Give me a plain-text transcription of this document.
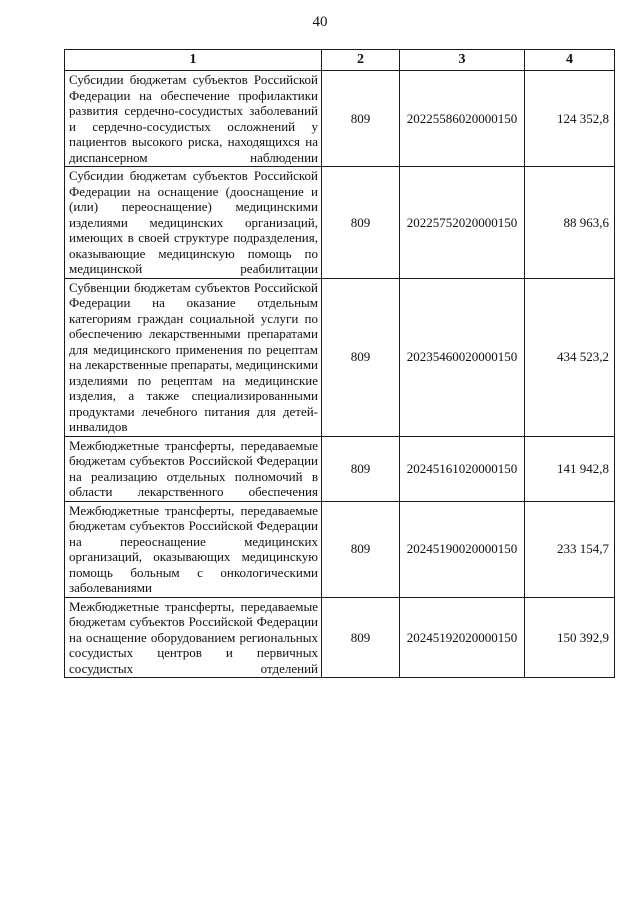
40
1	2	3	4
Субсидии бюджетам субъектов Российской Федерации на обеспечение профилактики развития сердечно-сосудистых заболеваний и сердечно-сосудистых осложнений у пациентов высокого риска, находящихся на диспансерном наблюдении	809	20225586020000150	124 352,8
Субсидии бюджетам субъектов Российской Федерации на оснащение (дооснащение и (или) переоснащение) медицинскими изделиями медицинских организаций, имеющих в своей структуре подразделения, оказывающие медицинскую помощь по медицинской реабилитации	809	20225752020000150	88 963,6
Субвенции бюджетам субъектов Российской Федерации на оказание отдельным категориям граждан социальной услуги по обеспечению лекарственными препаратами для медицинского применения по рецептам на лекарственные препараты, медицинскими изделиями по рецептам на медицинские изделия, а также специализированными продуктами лечебного питания для детей-инвалидов	809	20235460020000150	434 523,2
Межбюджетные трансферты, передаваемые бюджетам субъектов Российской Федерации на реализацию отдельных полномочий в области лекарственного обеспечения	809	20245161020000150	141 942,8
Межбюджетные трансферты, передаваемые бюджетам субъектов Российской Федерации на переоснащение медицинских организаций, оказывающих медицинскую помощь больным с онкологическими заболеваниями	809	20245190020000150	233 154,7
Межбюджетные трансферты, передаваемые бюджетам субъектов Российской Федерации на оснащение оборудованием региональных сосудистых центров и первичных сосудистых отделений	809	20245192020000150	150 392,9
